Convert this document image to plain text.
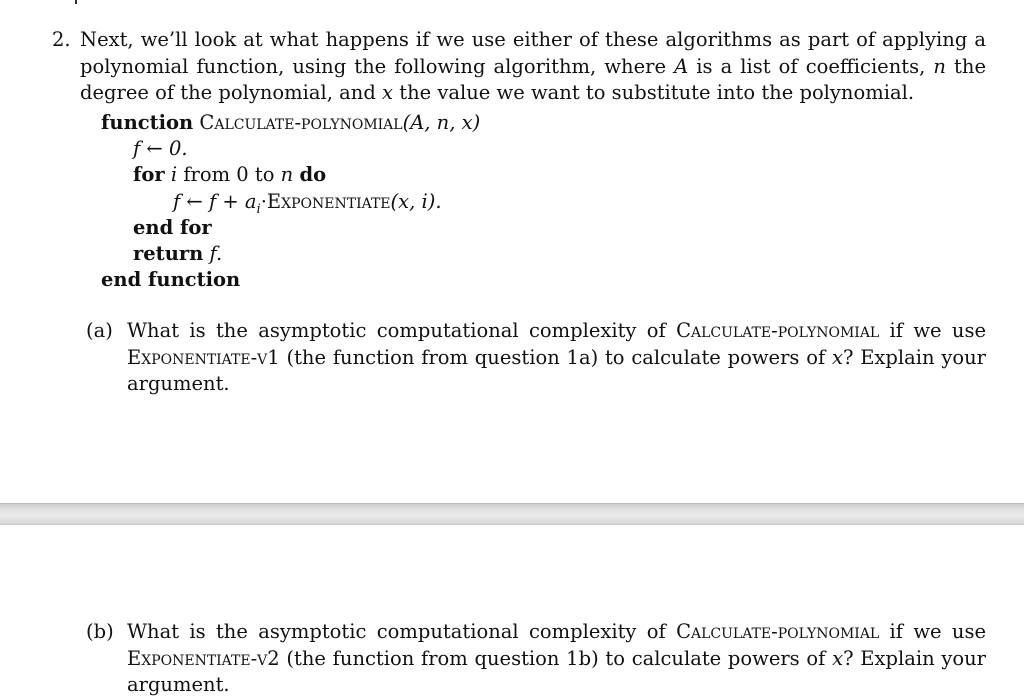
2. Next, we’ll look at what happens if we use either of these algorithms as part of applying a polynomial function, using the following algorithm, where A is a list of coefficients, n the degree of the polynomial, and x the value we want to substitute into the polynomial.
function Calculate-polynomial(A, n, x)
f ← 0.
for i from 0 to n do
f ← $f + a_i\cdot Exponentiate(x$, i).
end for
return f.
end function
(a) What is the asymptotic computational complexity of Calculate-polynomial if we use Exponentiate-v1 (the function from question 1a) to calculate powers of x? Explain your argument.
(b) What is the asymptotic computational complexity of Calculate-polynomial if we use Exponentiate-v2 (the function from question 1b) to calculate powers of x? Explain your argument.
